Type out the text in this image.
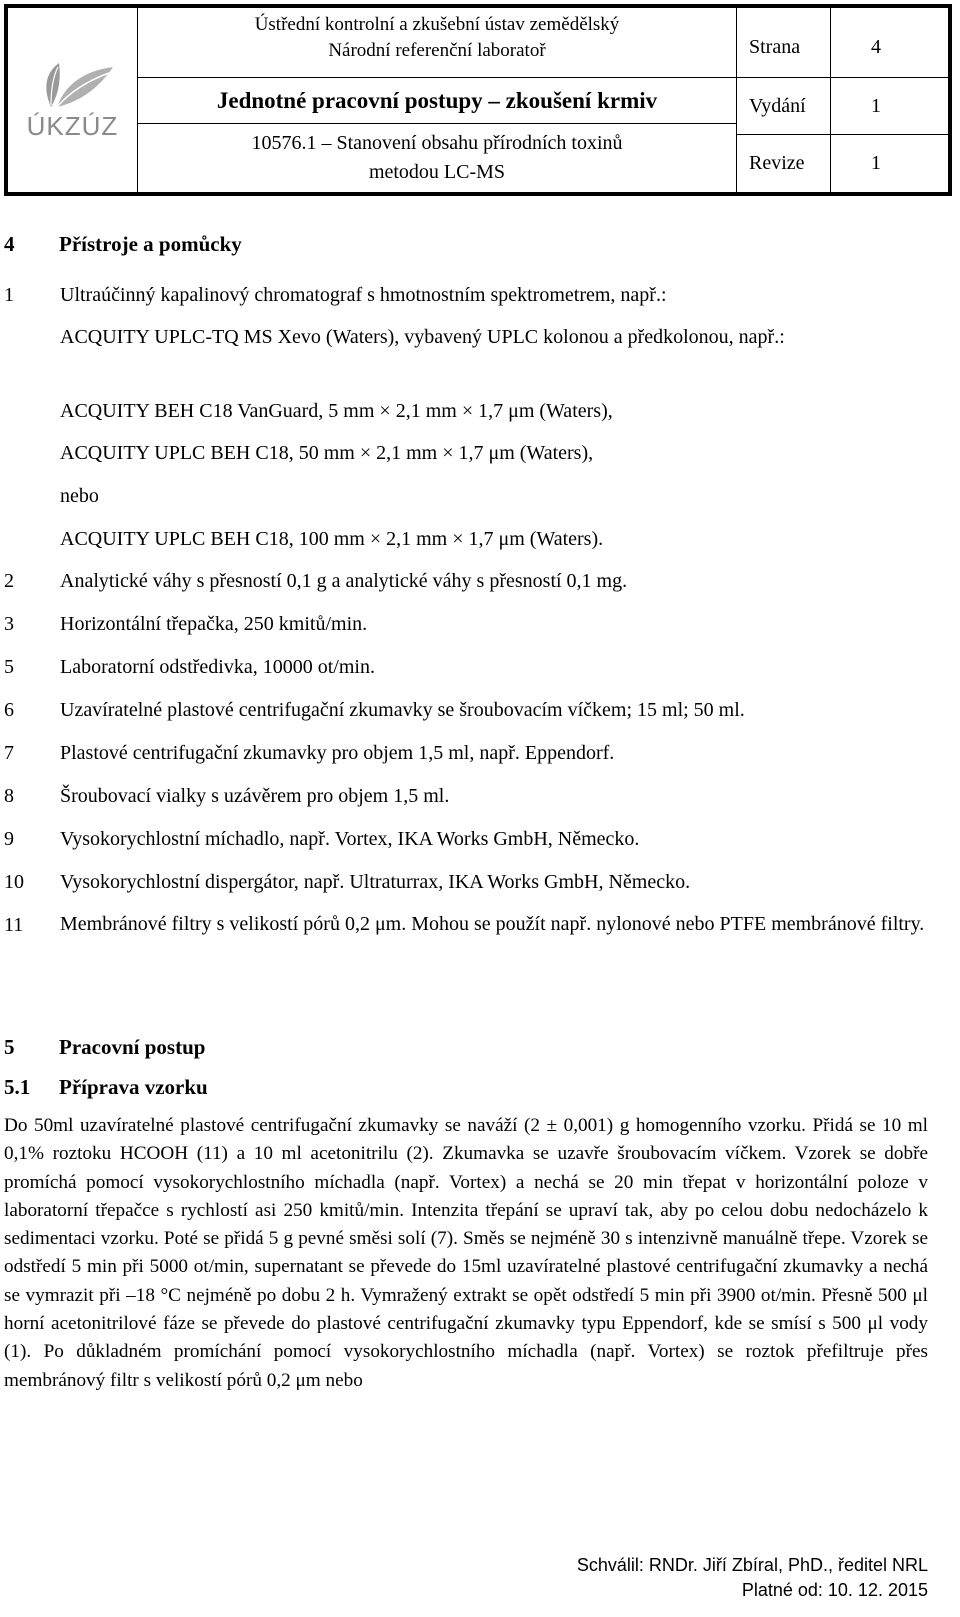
ÚKZÚZ
Ústřední kontrolní a zkušební ústav zemědělský
Národní referenční laboratoř
Jednotné pracovní postupy – zkoušení krmiv
10576.1 – Stanovení obsahu přírodních toxinů
metodou LC-MS
Strana	4
Vydání	1
Revize	1
4 Přístroje a pomůcky
1 Ultraúčinný kapalinový chromatograf s hmotnostním spektrometrem, např.:
ACQUITY UPLC-TQ MS Xevo (Waters), vybavený UPLC kolonou a předkolonou, např.:
ACQUITY BEH C18 VanGuard, 5 mm × 2,1 mm × 1,7 μm (Waters),
ACQUITY UPLC BEH C18, 50 mm × 2,1 mm × 1,7 μm (Waters),
nebo
ACQUITY UPLC BEH C18, 100 mm × 2,1 mm × 1,7 μm (Waters).
2 Analytické váhy s přesností 0,1 g a analytické váhy s přesností 0,1 mg.
3 Horizontální třepačka, 250 kmitů/min.
5 Laboratorní odstředivka, 10000 ot/min.
6 Uzavíratelné plastové centrifugační zkumavky se šroubovacím víčkem; 15 ml; 50 ml.
7 Plastové centrifugační zkumavky pro objem 1,5 ml, např. Eppendorf.
8 Šroubovací vialky s uzávěrem pro objem 1,5 ml.
9 Vysokorychlostní míchadlo, např. Vortex, IKA Works GmbH, Německo.
10 Vysokorychlostní dispergátor, např. Ultraturrax, IKA Works GmbH, Německo.
11 Membránové filtry s velikostí pórů 0,2 μm. Mohou se použít např. nylonové nebo PTFE membránové filtry.
5 Pracovní postup
5.1 Příprava vzorku

Do 50ml uzavíratelné plastové centrifugační zkumavky se naváží (2 ± 0,001) g homogenního vzorku. Přidá se 10 ml 0,1% roztoku HCOOH (11) a 10 ml acetonitrilu (2). Zkumavka se uzavře šroubovacím víčkem. Vzorek se dobře promíchá pomocí vysokorychlostního míchadla (např. Vortex) a nechá se 20 min třepat v horizontální poloze v laboratorní třepačce s rychlostí asi 250 kmitů/min. Intenzita třepání se upraví tak, aby po celou dobu nedocházelo k sedimentaci vzorku. Poté se přidá 5 g pevné směsi solí (7). Směs se nejméně 30 s intenzivně manuálně třepe. Vzorek se odstředí 5 min při 5000 ot/min, supernatant se převede do 15ml uzavíratelné plastové centrifugační zkumavky a nechá se vymrazit při –18 °C nejméně po dobu 2 h. Vymražený extrakt se opět odstředí 5 min při 3900 ot/min. Přesně 500 μl horní acetonitrilové fáze se převede do plastové centrifugační zkumavky typu Eppendorf, kde se smísí s 500 μl vody (1). Po důkladném promíchání pomocí vysokorychlostního míchadla (např. Vortex) se roztok přefiltruje přes membránový filtr s velikostí pórů 0,2 μm nebo

Schválil: RNDr. Jiří Zbíral, PhD., ředitel NRL
Platné od: 10. 12. 2015
